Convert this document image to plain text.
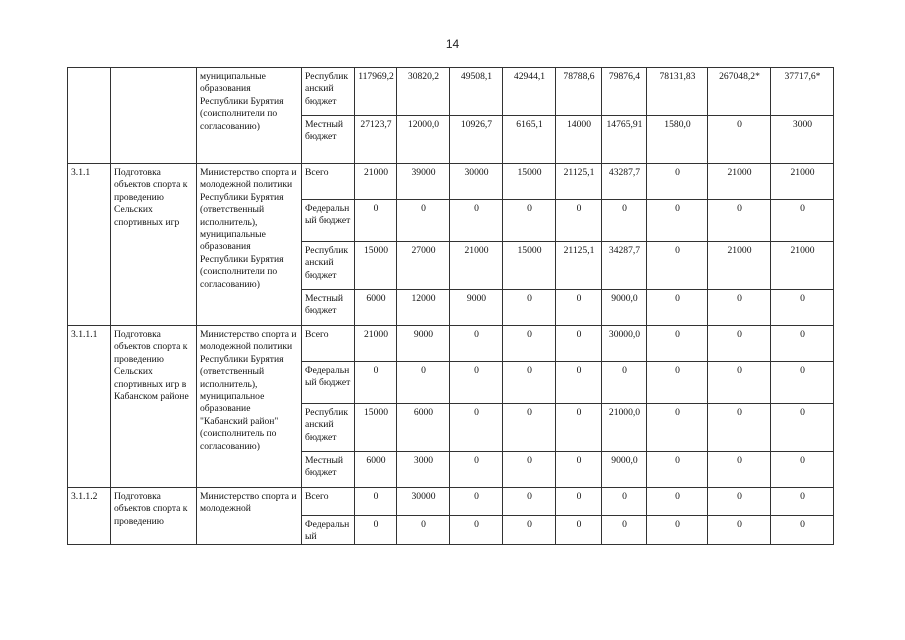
14
		муниципальные образования Республики Бурятия (соисполнители по согласованию)	Республиканский бюджет	117969,2	30820,2	49508,1	42944,1	78788,6	79876,4	78131,83	267048,2*	37717,6*
			Местный бюджет	27123,7	12000,0	10926,7	6165,1	14000	14765,91	1580,0	0	3000
3.1.1	Подготовка объектов спорта к проведению Сельских спортивных игр	Министерство спорта и молодежной политики Республики Бурятия (ответственный исполнитель), муниципальные образования Республики Бурятия (соисполнители по согласованию)	Всего	21000	39000	30000	15000	21125,1	43287,7	0	21000	21000
			Федеральный бюджет	0	0	0	0	0	0	0	0	0
			Республиканский бюджет	15000	27000	21000	15000	21125,1	34287,7	0	21000	21000
			Местный бюджет	6000	12000	9000	0	0	9000,0	0	0	0
3.1.1.1	Подготовка объектов спорта к проведению Сельских спортивных игр в Кабанском районе	Министерство спорта и молодежной политики Республики Бурятия (ответственный исполнитель), муниципальное образование "Кабанский район" (соисполнитель по согласованию)	Всего	21000	9000	0	0	0	30000,0	0	0	0
			Федеральный бюджет	0	0	0	0	0	0	0	0	0
			Республиканский бюджет	15000	6000	0	0	0	21000,0	0	0	0
			Местный бюджет	6000	3000	0	0	0	9000,0	0	0	0
3.1.1.2	Подготовка объектов спорта к проведению	Министерство спорта и молодежной	Всего	0	30000	0	0	0	0	0	0	0
			Федеральный	0	0	0	0	0	0	0	0	0
